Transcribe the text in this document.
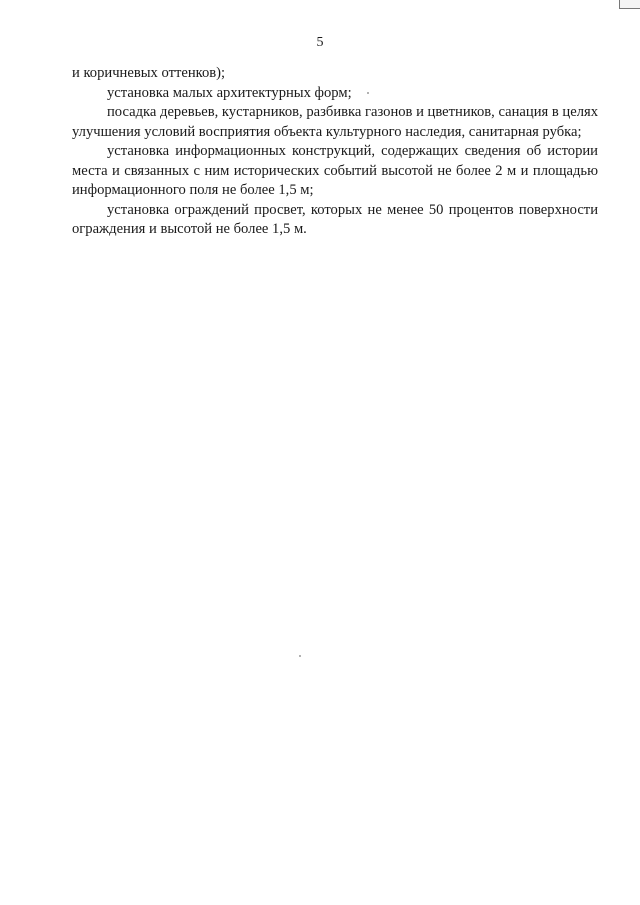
5

и коричневых оттенков);

установка малых архитектурных форм;

посадка деревьев, кустарников, разбивка газонов и цветников, санация в целях улучшения условий восприятия объекта культурного наследия, санитарная рубка;

установка информационных конструкций, содержащих сведения об истории места и связанных с ним исторических событий высотой не более 2 м и площадью информационного поля не более 1,5 м;

установка ограждений просвет, которых не менее 50 процентов поверхности ограждения и высотой не более 1,5 м.
